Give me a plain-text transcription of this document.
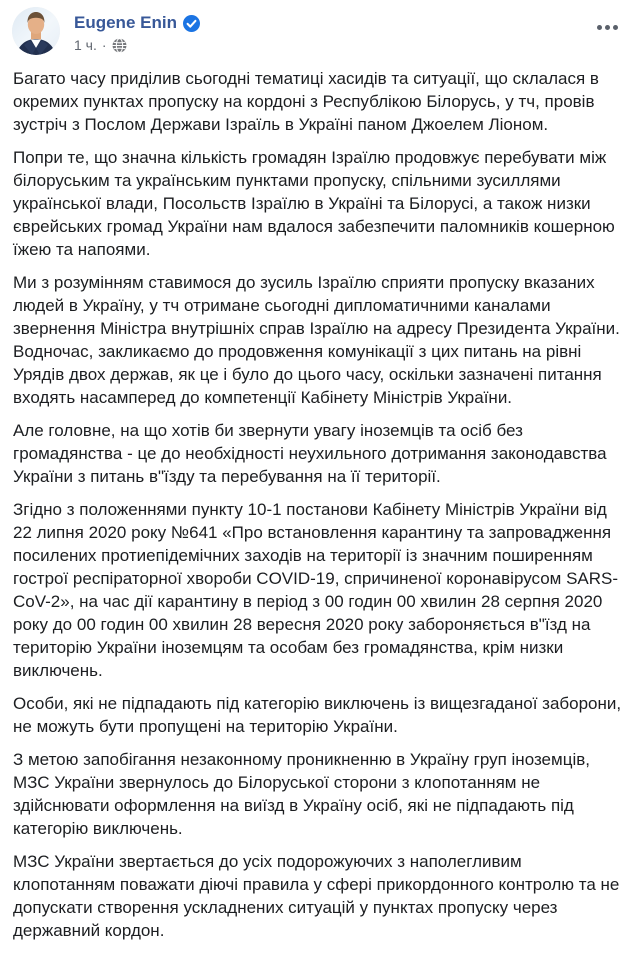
Eugene Enin
1 ч. ·

Багато часу приділив сьогодні тематиці хасидів та ситуації, що склалася в окремих пунктах пропуску на кордоні з Республікою Білорусь, у тч, провів зустріч з Послом Держави Ізраїль в Україні паном Джоелем Ліоном.

Попри те, що значна кількість громадян Ізраїлю продовжує перебувати між білоруським та українським пунктами пропуску, спільними зусиллями української влади, Посольств Ізраїлю в Україні та Білорусі, а також низки єврейських громад України нам вдалося забезпечити паломників кошерною їжею та напоями.

Ми з розумінням ставимося до зусиль Ізраїлю сприяти пропуску вказаних людей в Україну, у тч отримане сьогодні дипломатичними каналами звернення Міністра внутрішніх справ Ізраїлю на адресу Президента України. Водночас, закликаємо до продовження комунікації з цих питань на рівні Урядів двох держав, як це і було до цього часу, оскільки зазначені питання входять насамперед до компетенції Кабінету Міністрів України.

Але головне, на що хотів би звернути увагу іноземців та осіб без громадянства - це до необхідності неухильного дотримання законодавства України з питань в"їзду та перебування на її території.

Згідно з положеннями пункту 10-1 постанови Кабінету Міністрів України від 22 липня 2020 року №641 «Про встановлення карантину та запровадження посилених протиепідемічних заходів на території із значним поширенням гострої респіраторної хвороби COVID-19, спричиненої коронавірусом SARS-CoV-2», на час дії карантину в період з 00 годин 00 хвилин 28 серпня 2020 року до 00 годин 00 хвилин 28 вересня 2020 року забороняється в"їзд на територію України іноземцям та особам без громадянства, крім низки виключень.

Особи, які не підпадають під категорію виключень із вищезгаданої заборони, не можуть бути пропущені на територію України.

З метою запобігання незаконному проникненню в Україну груп іноземців, МЗС України звернулось до Білоруської сторони з клопотанням не здійснювати оформлення на виїзд в Україну осіб, які не підпадають під категорію виключень.

МЗС України звертається до усіх подорожуючих з наполегливим клопотанням поважати діючі правила у сфері прикордонного контролю та не допускати створення ускладнених ситуацій у пунктах пропуску через державний кордон.
